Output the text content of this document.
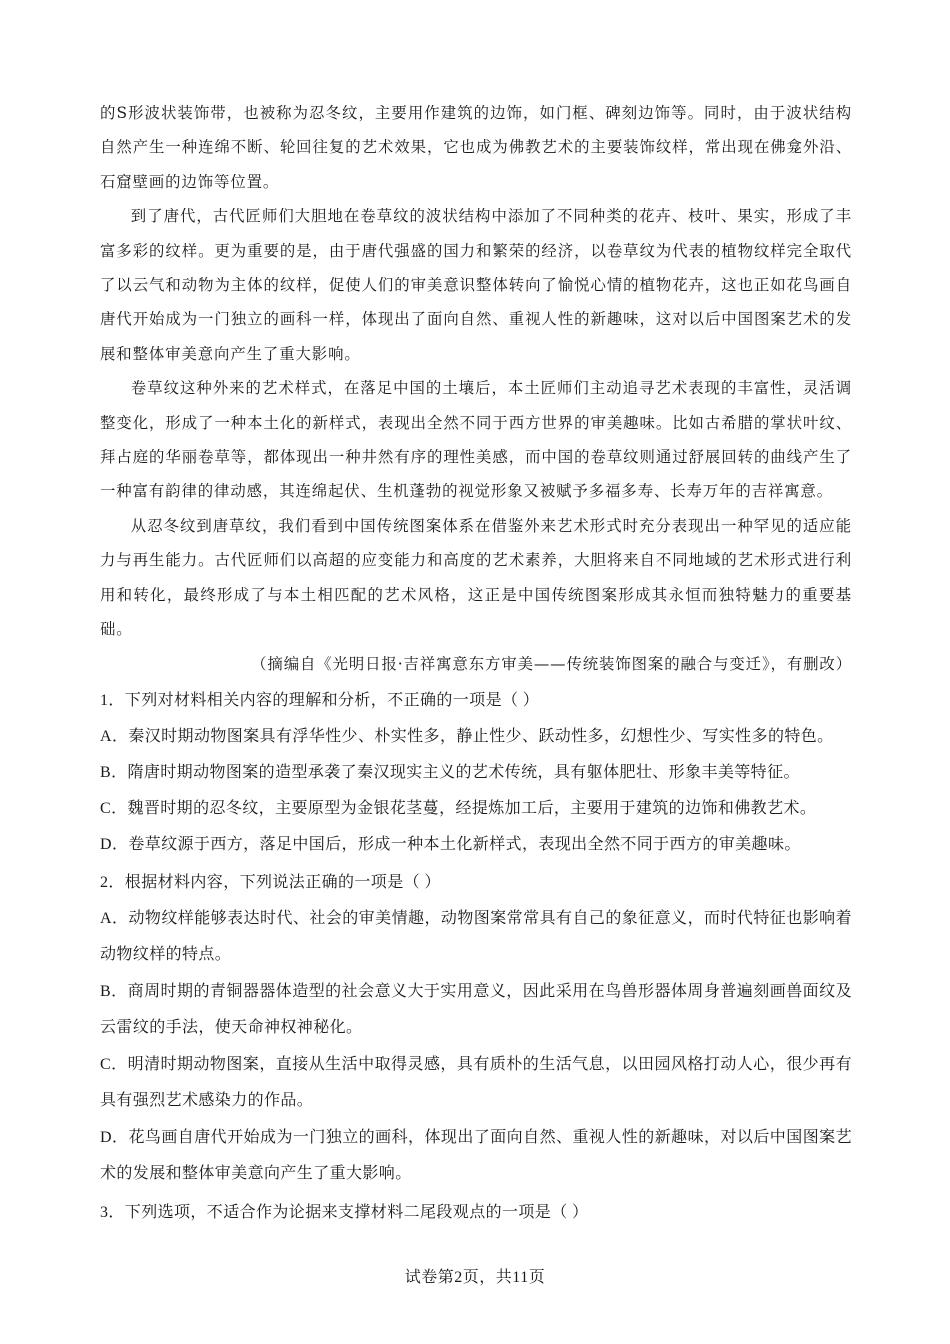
的S形波状装饰带，也被称为忍冬纹，主要用作建筑的边饰，如门框、碑刻边饰等。同时，由于波状结构自然产生一种连绵不断、轮回往复的艺术效果，它也成为佛教艺术的主要装饰纹样，常出现在佛龛外沿、石窟壁画的边饰等位置。

到了唐代，古代匠师们大胆地在卷草纹的波状结构中添加了不同种类的花卉、枝叶、果实，形成了丰富多彩的纹样。更为重要的是，由于唐代强盛的国力和繁荣的经济，以卷草纹为代表的植物纹样完全取代了以云气和动物为主体的纹样，促使人们的审美意识整体转向了愉悦心情的植物花卉，这也正如花鸟画自唐代开始成为一门独立的画科一样，体现出了面向自然、重视人性的新趣味，这对以后中国图案艺术的发展和整体审美意向产生了重大影响。

卷草纹这种外来的艺术样式，在落足中国的土壤后，本土匠师们主动追寻艺术表现的丰富性，灵活调整变化，形成了一种本土化的新样式，表现出全然不同于西方世界的审美趣味。比如古希腊的掌状叶纹、拜占庭的华丽卷草等，都体现出一种井然有序的理性美感，而中国的卷草纹则通过舒展回转的曲线产生了一种富有韵律的律动感，其连绵起伏、生机蓬勃的视觉形象又被赋予多福多寿、长寿万年的吉祥寓意。

从忍冬纹到唐草纹，我们看到中国传统图案体系在借鉴外来艺术形式时充分表现出一种罕见的适应能力与再生能力。古代匠师们以高超的应变能力和高度的艺术素养，大胆将来自不同地域的艺术形式进行利用和转化，最终形成了与本土相匹配的艺术风格，这正是中国传统图案形成其永恒而独特魅力的重要基础。

（摘编自《光明日报·吉祥寓意东方审美——传统装饰图案的融合与变迁》，有删改）

1．下列对材料相关内容的理解和分析，不正确的一项是（ ）

A．秦汉时期动物图案具有浮华性少、朴实性多，静止性少、跃动性多，幻想性少、写实性多的特色。

B．隋唐时期动物图案的造型承袭了秦汉现实主义的艺术传统，具有躯体肥壮、形象丰美等特征。

C．魏晋时期的忍冬纹，主要原型为金银花茎蔓，经提炼加工后，主要用于建筑的边饰和佛教艺术。

D．卷草纹源于西方，落足中国后，形成一种本土化新样式，表现出全然不同于西方的审美趣味。

2．根据材料内容，下列说法正确的一项是（ ）

A．动物纹样能够表达时代、社会的审美情趣，动物图案常常具有自己的象征意义，而时代特征也影响着动物纹样的特点。

B．商周时期的青铜器器体造型的社会意义大于实用意义，因此采用在鸟兽形器体周身普遍刻画兽面纹及云雷纹的手法，使天命神权神秘化。

C．明清时期动物图案，直接从生活中取得灵感，具有质朴的生活气息，以田园风格打动人心，很少再有具有强烈艺术感染力的作品。

D．花鸟画自唐代开始成为一门独立的画科，体现出了面向自然、重视人性的新趣味，对以后中国图案艺术的发展和整体审美意向产生了重大影响。

3．下列选项，不适合作为论据来支撑材料二尾段观点的一项是（ ）

试卷第2页，共11页
